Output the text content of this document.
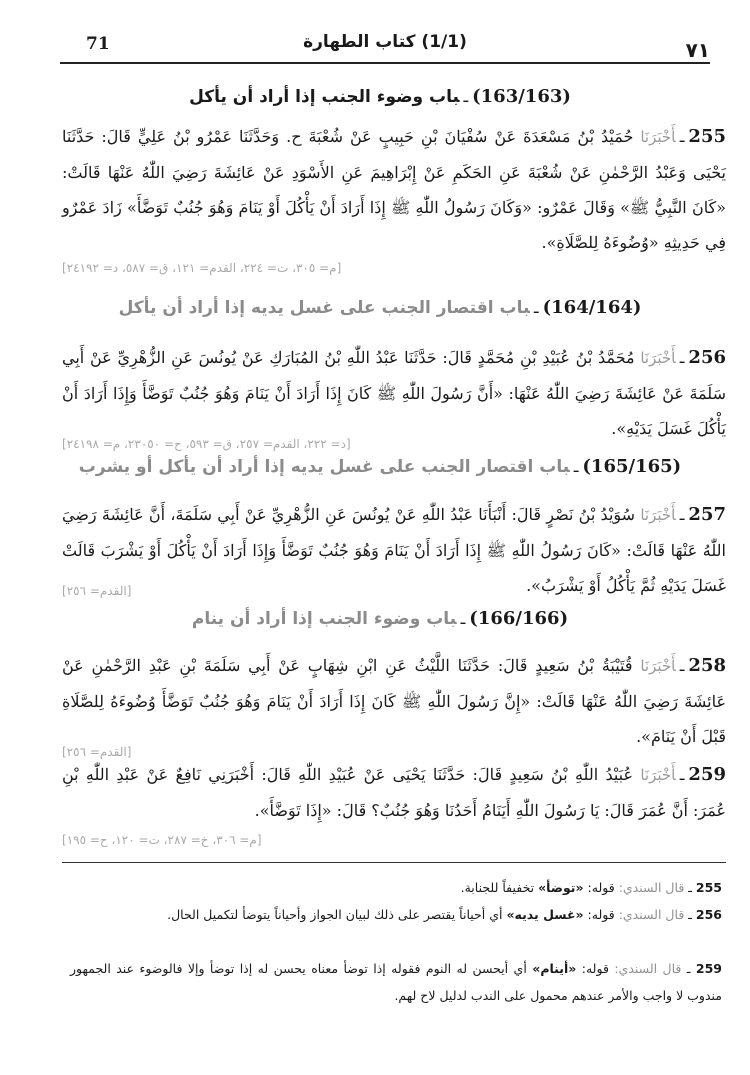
71	(1/1) كتاب الطهارة	٧١
(163/163)ـباب وضوء الجنب إذا أراد أن يأكل
255ـأَخْبَرَنَا حُمَيْدُ بْنُ مَسْعَدَةَ عَنْ سُفْيَانَ بْنِ حَبِيبٍ عَنْ شُعْبَةَ ح. وَحَدَّثَنَا عَمْرُو بْنُ عَلِيٍّ قَالَ: حَدَّثَنَا يَحْيَى وَعَبْدُ الرَّحْمٰنِ عَنْ شُعْبَةَ عَنِ الحَكَمِ عَنْ إِبْرَاهِيمَ عَنِ الأَسْوَدِ عَنْ عَائِشَةَ رَضِيَ اللّٰهُ عَنْهَا قَالَتْ: «كَانَ النَّبِيُّ ﷺ» وَقَالَ عَمْرٌو: «وَكَانَ رَسُولُ اللّٰهِ ﷺ إِذَا أَرَادَ أَنْ يَأْكُلَ أَوْ يَنَامَ وَهُوَ جُنُبٌ تَوَضَّأَ» زَادَ عَمْرٌو فِي حَدِيثِهِ «وُضُوءَهُ لِلصَّلَاةِ».
[م= ٣٠٥، ت= ٢٢٤، القدم= ١٢١، ق= ٥٨٧، د= ٢٤١٩٢]
(164/164)ـباب اقتصار الجنب على غسل يديه إذا أراد أن يأكل
256ـأَخْبَرَنَا مُحَمَّدُ بْنُ عُبَيْدِ بْنِ مُحَمَّدٍ قَالَ: حَدَّثَنَا عَبْدُ اللّٰهِ بْنُ المُبَارَكِ عَنْ يُونُسَ عَنِ الزُّهْرِيِّ عَنْ أَبِي سَلَمَةَ عَنْ عَائِشَةَ رَضِيَ اللّٰهُ عَنْهَا: «أَنَّ رَسُولَ اللّٰهِ ﷺ كَانَ إِذَا أَرَادَ أَنْ يَنَامَ وَهُوَ جُنُبٌ تَوَضَّأَ وَإِذَا أَرَادَ أَنْ يَأْكُلَ غَسَلَ يَدَيْهِ».
[د= ٢٢٢، القدم= ٢٥٧، ق= ٥٩٣، ح= ٢٣٠٥٠، م= ٢٤١٩٨]
(165/165)ـباب اقتصار الجنب على غسل يديه إذا أراد أن يأكل أو يشرب
257ـأَخْبَرَنَا سُوَيْدُ بْنُ نَصْرٍ قَالَ: أَنْبَأَنَا عَبْدُ اللّٰهِ عَنْ يُونُسَ عَنِ الزُّهْرِيِّ عَنْ أَبِي سَلَمَةَ، أَنَّ عَائِشَةَ رَضِيَ اللّٰهُ عَنْهَا قَالَتْ: «كَانَ رَسُولُ اللّٰهِ ﷺ إِذَا أَرَادَ أَنْ يَنَامَ وَهُوَ جُنُبٌ تَوَضَّأَ وَإِذَا أَرَادَ أَنْ يَأْكُلَ أَوْ يَشْرَبَ قَالَتْ غَسَلَ يَدَيْهِ ثُمَّ يَأْكُلُ أَوْ يَشْرَبُ».
[القدم= ٢٥٦]
(166/166)ـباب وضوء الجنب إذا أراد أن ينام
258ـأَخْبَرَنَا قُتَيْبَةُ بْنُ سَعِيدٍ قَالَ: حَدَّثَنَا اللَّيْثُ عَنِ ابْنِ شِهَابٍ عَنْ أَبِي سَلَمَةَ بْنِ عَبْدِ الرَّحْمٰنِ عَنْ عَائِشَةَ رَضِيَ اللّٰهُ عَنْهَا قَالَتْ: «إِنَّ رَسُولَ اللّٰهِ ﷺ كَانَ إِذَا أَرَادَ أَنْ يَنَامَ وَهُوَ جُنُبٌ تَوَضَّأَ وُضُوءَهُ لِلصَّلَاةِ قَبْلَ أَنْ يَنَامَ».
[القدم= ٢٥٦]
259ـأَخْبَرَنَا عُبَيْدُ اللّٰهِ بْنُ سَعِيدٍ قَالَ: حَدَّثَنَا يَحْيَى عَنْ عُبَيْدِ اللّٰهِ قَالَ: أَخْبَرَنِي نَافِعٌ عَنْ عَبْدِ اللّٰهِ بْنِ عُمَرَ: أَنَّ عُمَرَ قَالَ: يَا رَسُولَ اللّٰهِ أَيَنَامُ أَحَدُنَا وَهُوَ جُنُبٌ؟ قَالَ: «إِذَا تَوَضَّأَ».
[م= ٣٠٦، خ= ٢٨٧، ت= ١٢٠، ح= ١٩٥]
255 ـ قال السندي: قوله: «توضأ» تخفيفاً للجنابة.
256 ـ قال السندي: قوله: «غسل يديه» أي أحياناً يقتصر على ذلك لبيان الجواز وأحياناً يتوضأ لتكميل الحال.
259 ـ قال السندي: قوله: «أينام» أي أيحسن له النوم فقوله إذا توضأ معناه يحسن له إذا توضأ وإلا فالوضوء عند الجمهور مندوب لا واجب والأمر عندهم محمول على الندب لدليل لاح لهم.
